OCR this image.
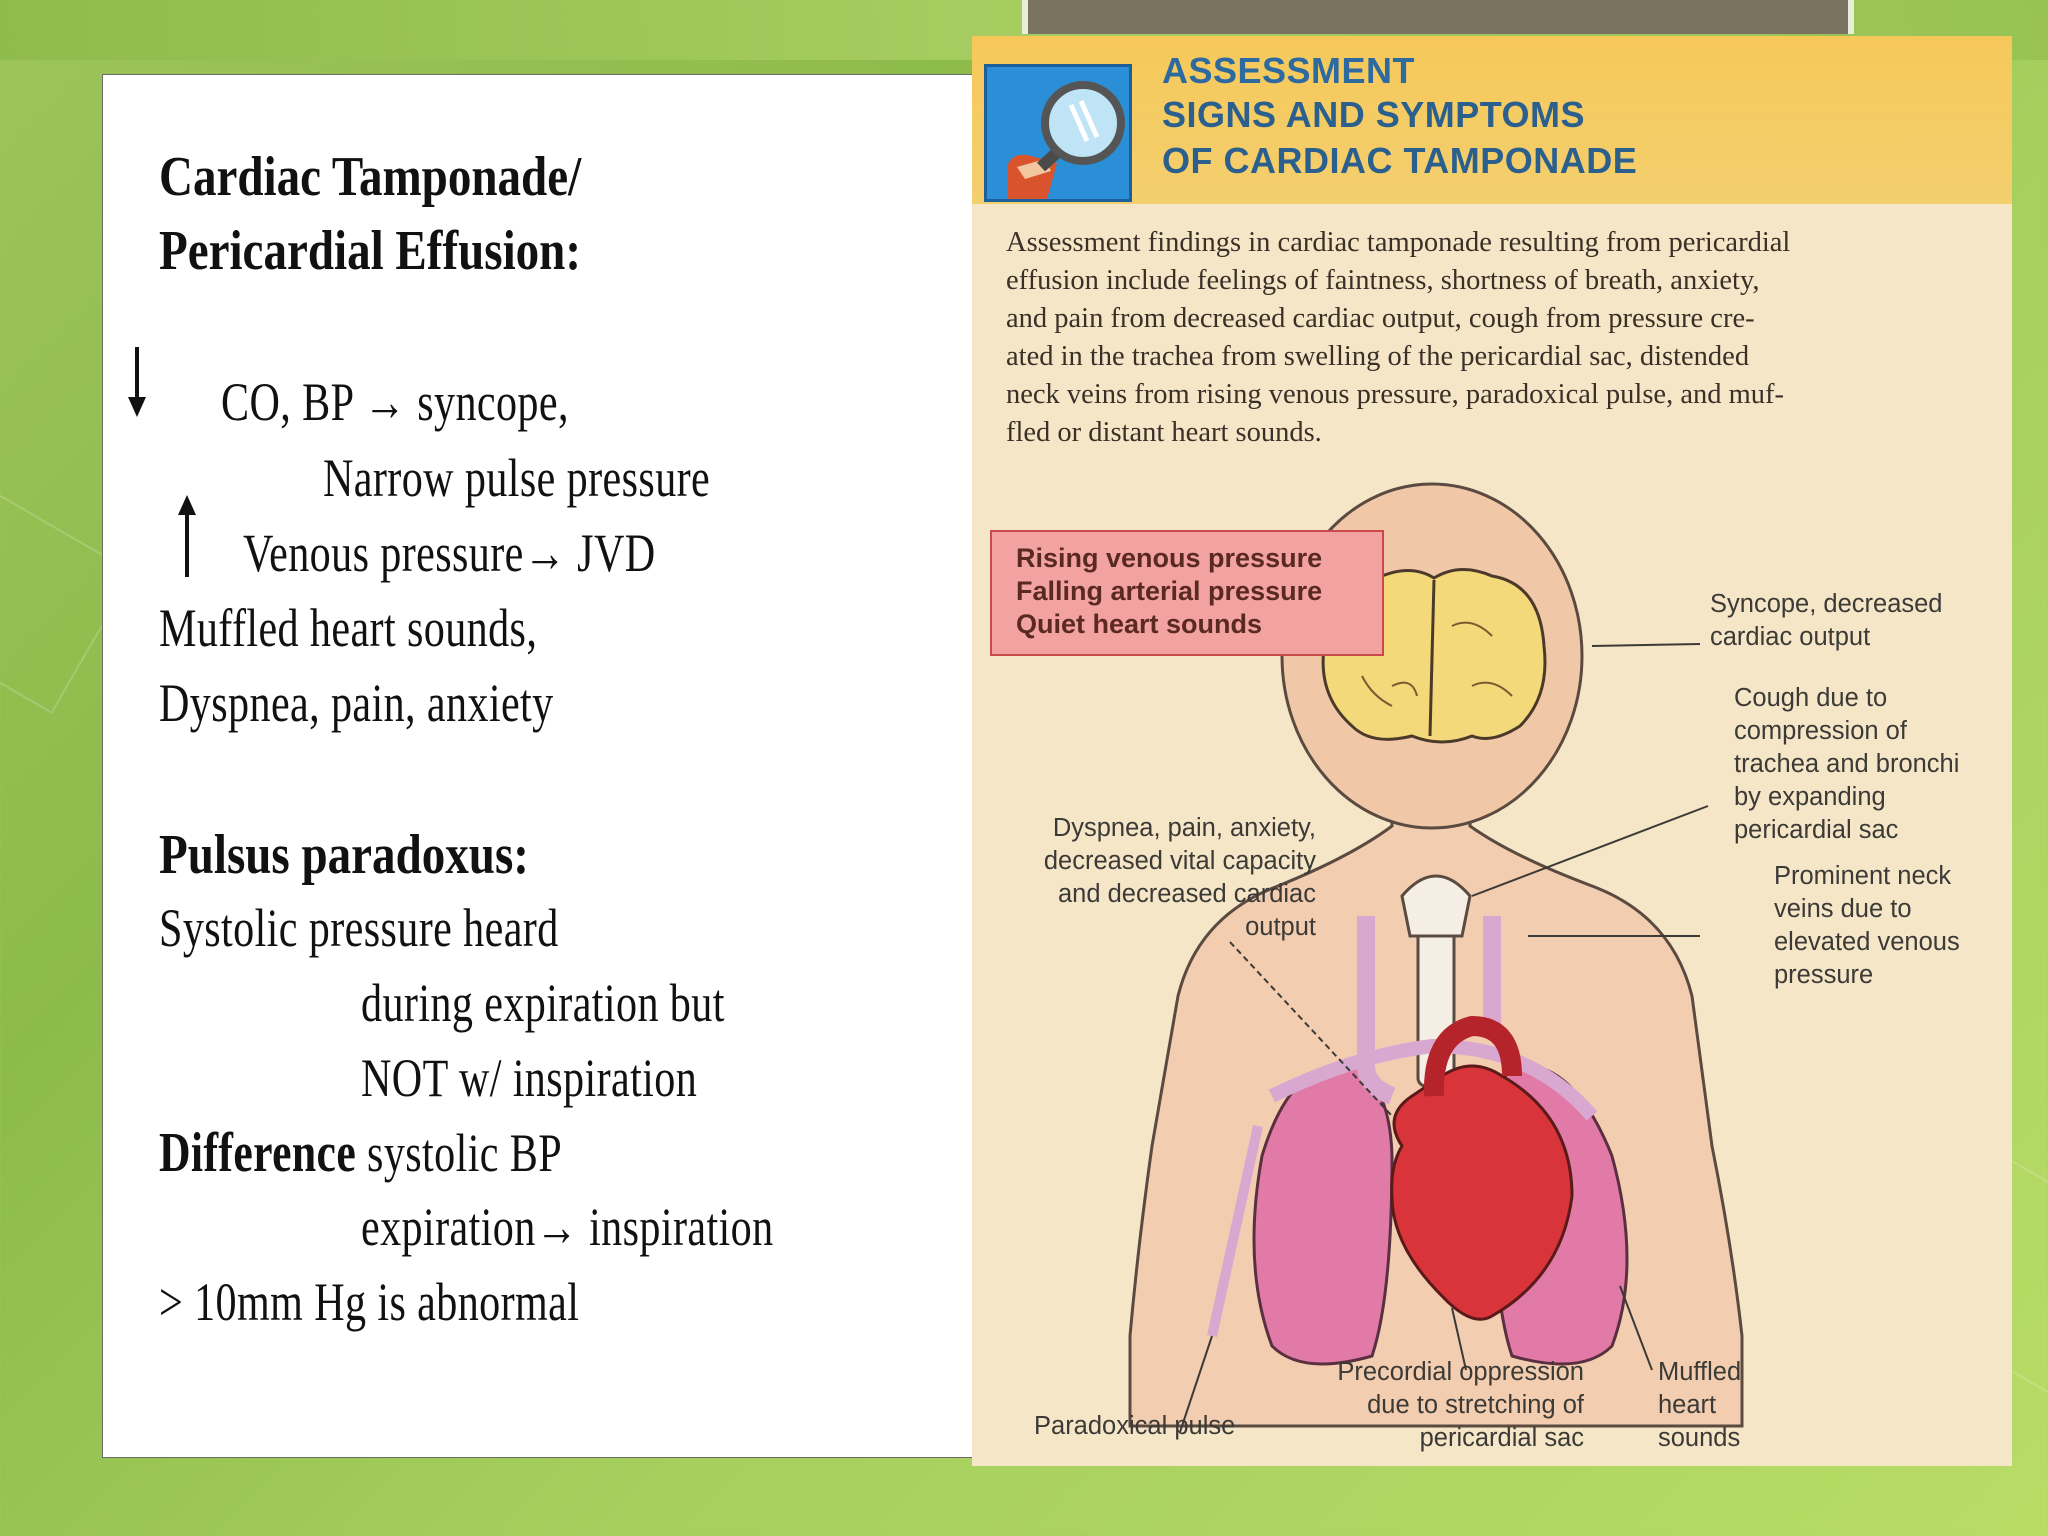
Cardiac Tamponade/
Pericardial Effusion:
CO, BP → syncope,
Narrow pulse pressure
Venous pressure→ JVD
Muffled heart sounds,
Dyspnea, pain, anxiety
Pulsus paradoxus:
Systolic pressure heard
during expiration but
NOT w/ inspiration
Difference systolic BP
expiration→ inspiration
> 10mm Hg is abnormal
ASSESSMENT
SIGNS AND SYMPTOMS
OF CARDIAC TAMPONADE
Assessment findings in cardiac tamponade resulting from pericardial
effusion include feelings of faintness, shortness of breath, anxiety,
and pain from decreased cardiac output, cough from pressure cre-
ated in the trachea from swelling of the pericardial sac, distended
neck veins from rising venous pressure, paradoxical pulse, and muf-
fled or distant heart sounds.
Rising venous pressure
Falling arterial pressure
Quiet heart sounds
Syncope, decreased
cardiac output
Cough due to
compression of
trachea and bronchi
by expanding
pericardial sac
Prominent neck
veins due to
elevated venous
pressure
Dyspnea, pain, anxiety,
decreased vital capacity
and decreased cardiac
output
Paradoxical pulse
Precordial oppression
due to stretching of
pericardial sac
Muffled
heart
sounds
